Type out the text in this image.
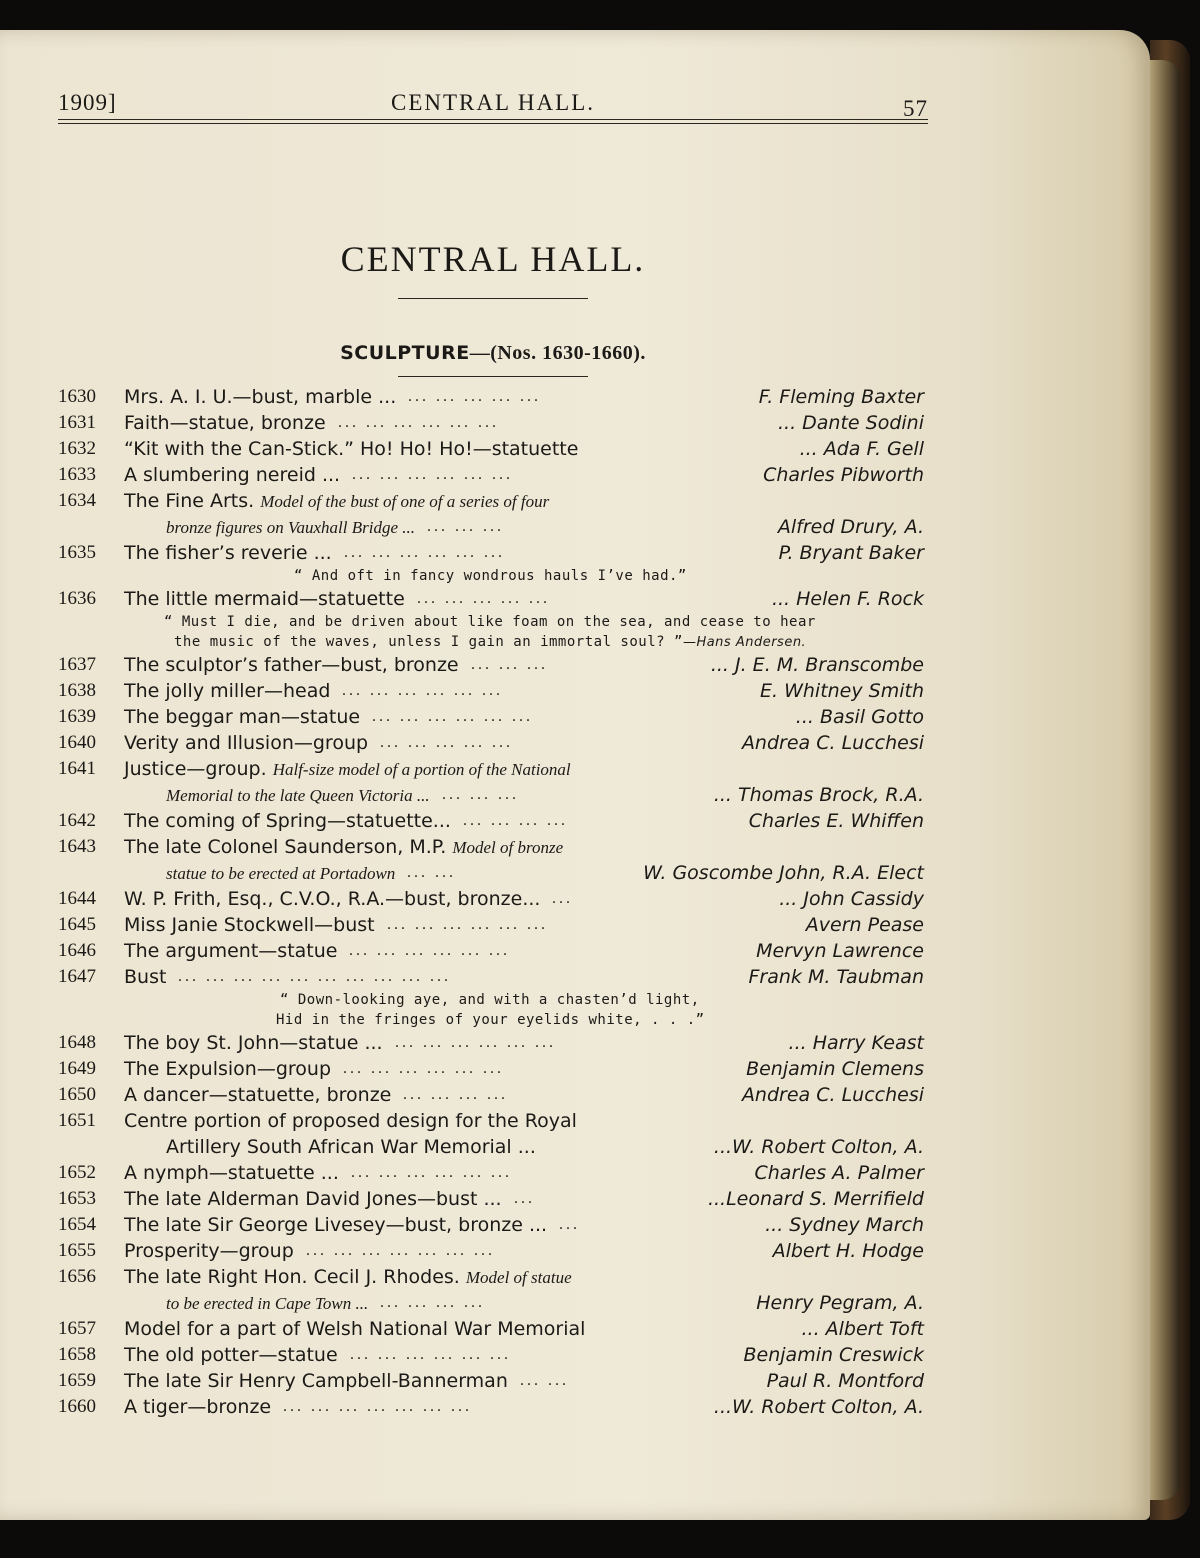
1909]	CENTRAL HALL.	57
CENTRAL HALL.
SCULPTURE—(Nos. 1630-1660).
1630 Mrs. A. I. U.—bust, marble ... ... ... ... ... ...	F. Fleming Baxter
1631 Faith—statue, bronze ... ... ... ... ... ...	... Dante Sodini
1632 “Kit with the Can-Stick.” Ho! Ho! Ho!—statuette	... Ada F. Gell
1633 A slumbering nereid ... ... ... ... ... ... ...	Charles Pibworth
1634 The Fine Arts. Model of the bust of one of a series of four
bronze figures on Vauxhall Bridge ... ... ... ...	Alfred Drury, A.
1635 The fisher’s reverie ... ... ... ... ... ... ...	P. Bryant Baker
“ And oft in fancy wondrous hauls I’ve had.”
1636 The little mermaid—statuette ... ... ... ... ...	... Helen F. Rock
“ Must I die, and be driven about like foam on the sea, and cease to hear
the music of the waves, unless I gain an immortal soul? ”—Hans Andersen.
1637 The sculptor’s father—bust, bronze ... ... ...	... J. E. M. Branscombe
1638 The jolly miller—head ... ... ... ... ... ...	E. Whitney Smith
1639 The beggar man—statue ... ... ... ... ... ...	... Basil Gotto
1640 Verity and Illusion—group ... ... ... ... ...	Andrea C. Lucchesi
1641 Justice—group. Half-size model of a portion of the National
Memorial to the late Queen Victoria ... ... ... ...	... Thomas Brock, R.A.
1642 The coming of Spring—statuette... ... ... ... ...	Charles E. Whiffen
1643 The late Colonel Saunderson, M.P. Model of bronze
statue to be erected at Portadown ... ...	W. Goscombe John, R.A. Elect
1644 W. P. Frith, Esq., C.V.O., R.A.—bust, bronze... ...	... John Cassidy
1645 Miss Janie Stockwell—bust ... ... ... ... ... ...	Avern Pease
1646 The argument—statue ... ... ... ... ... ...	Mervyn Lawrence
1647 Bust ... ... ... ... ... ... ... ... ... ...	Frank M. Taubman
“ Down-looking aye, and with a chasten’d light,
Hid in the fringes of your eyelids white, . . .”
1648 The boy St. John—statue ... ... ... ... ... ... ...	... Harry Keast
1649 The Expulsion—group ... ... ... ... ... ...	Benjamin Clemens
1650 A dancer—statuette, bronze ... ... ... ...	Andrea C. Lucchesi
1651 Centre portion of proposed design for the Royal
Artillery South African War Memorial ...	...W. Robert Colton, A.
1652 A nymph—statuette ... ... ... ... ... ... ...	Charles A. Palmer
1653 The late Alderman David Jones—bust ... ...	...Leonard S. Merrifield
1654 The late Sir George Livesey—bust, bronze ... ...	... Sydney March
1655 Prosperity—group ... ... ... ... ... ... ...	Albert H. Hodge
1656 The late Right Hon. Cecil J. Rhodes. Model of statue
to be erected in Cape Town ... ... ... ... ...	Henry Pegram, A.
1657 Model for a part of Welsh National War Memorial	... Albert Toft
1658 The old potter—statue ... ... ... ... ... ...	Benjamin Creswick
1659 The late Sir Henry Campbell-Bannerman ... ...	Paul R. Montford
1660 A tiger—bronze ... ... ... ... ... ... ...	...W. Robert Colton, A.
